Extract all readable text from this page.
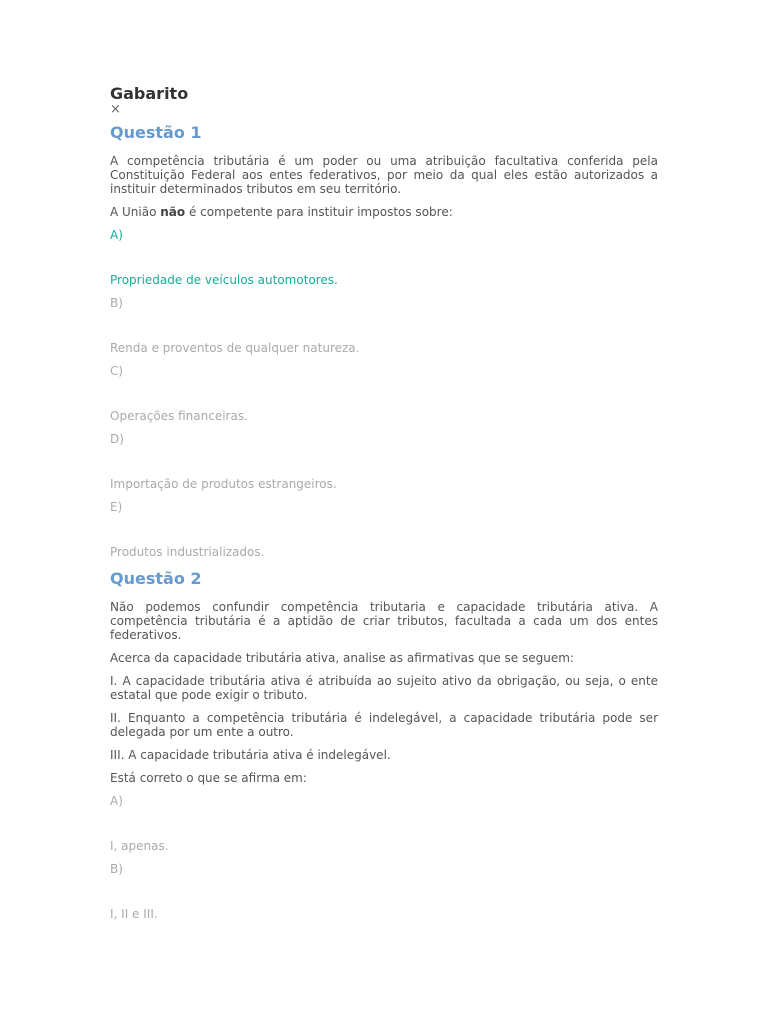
Gabarito
×
Questão 1

A competência tributária é um poder ou uma atribuição facultativa conferida pela Constituição Federal aos entes federativos, por meio da qual eles estão autorizados a instituir determinados tributos em seu território.

A União não é competente para instituir impostos sobre:

A)
Propriedade de veículos automotores.
B)
Renda e proventos de qualquer natureza.
C)
Operações financeiras.
D)
Importação de produtos estrangeiros.
E)
Produtos industrializados.
Questão 2

Não podemos confundir competência tributaria e capacidade tributária ativa. A competência tributária é a aptidão de criar tributos, facultada a cada um dos entes federativos.

Acerca da capacidade tributária ativa, analise as afirmativas que se seguem:

I. A capacidade tributária ativa é atribuída ao sujeito ativo da obrigação, ou seja, o ente estatal que pode exigir o tributo.

II. Enquanto a competência tributária é indelegável, a capacidade tributária pode ser delegada por um ente a outro.

III. A capacidade tributária ativa é indelegável.

Está correto o que se afirma em:

A)
I, apenas.
B)
I, II e III.
